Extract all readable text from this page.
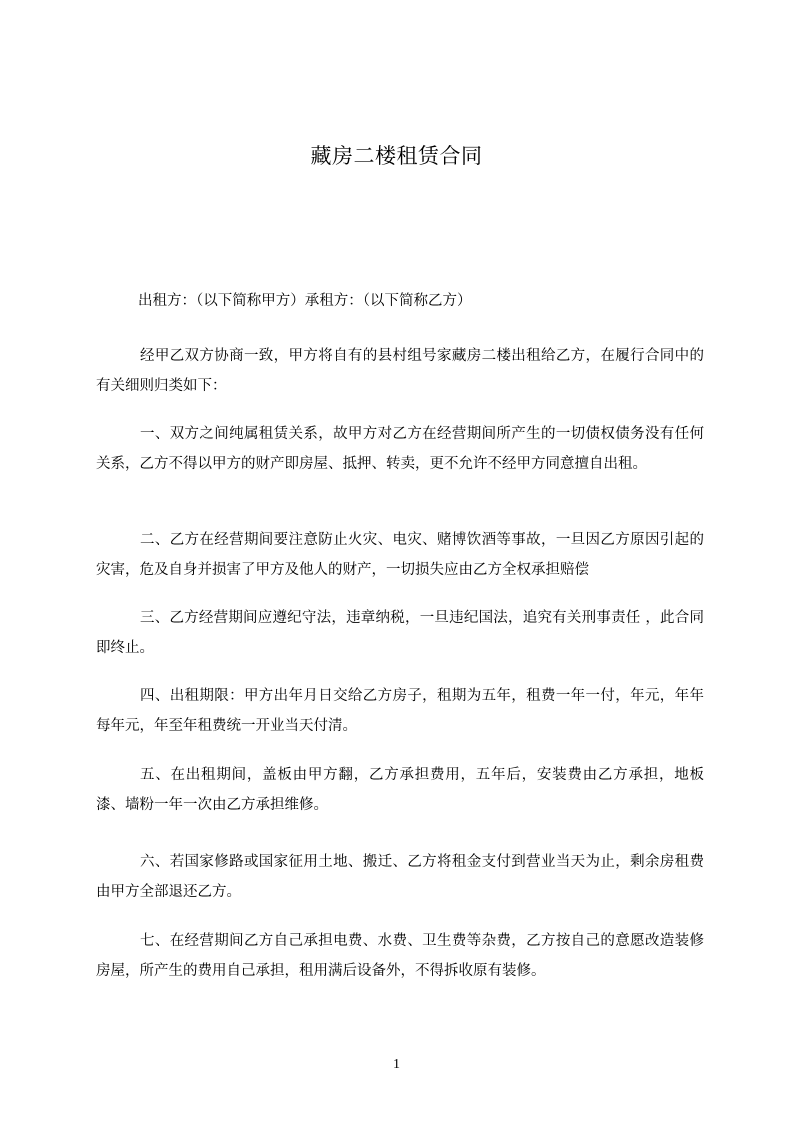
藏房二楼租赁合同
出租方：（以下简称甲方）承租方：（以下简称乙方）
经甲乙双方协商一致，甲方将自有的县村组号家藏房二楼出租给乙方，在履行合同中的有关细则归类如下：
一、双方之间纯属租赁关系，故甲方对乙方在经营期间所产生的一切债权债务没有任何关系，乙方不得以甲方的财产即房屋、抵押、转卖，更不允许不经甲方同意擅自出租。
二、乙方在经营期间要注意防止火灾、电灾、赌博饮酒等事故，一旦因乙方原因引起的灾害，危及自身并损害了甲方及他人的财产，一切损失应由乙方全权承担赔偿
三、乙方经营期间应遵纪守法，违章纳税，一旦违纪国法，追究有关刑事责任 ，此合同即终止。
四、出租期限：甲方出年月日交给乙方房子，租期为五年，租费一年一付，年元，年年每年元，年至年租费统一开业当天付清。
五、在出租期间，盖板由甲方翻，乙方承担费用，五年后，安装费由乙方承担，地板漆、墙粉一年一次由乙方承担维修。
六、若国家修路或国家征用土地、搬迁、乙方将租金支付到营业当天为止，剩余房租费由甲方全部退还乙方。
七、在经营期间乙方自己承担电费、水费、卫生费等杂费，乙方按自己的意愿改造装修房屋，所产生的费用自己承担，租用满后设备外，不得拆收原有装修。
1
